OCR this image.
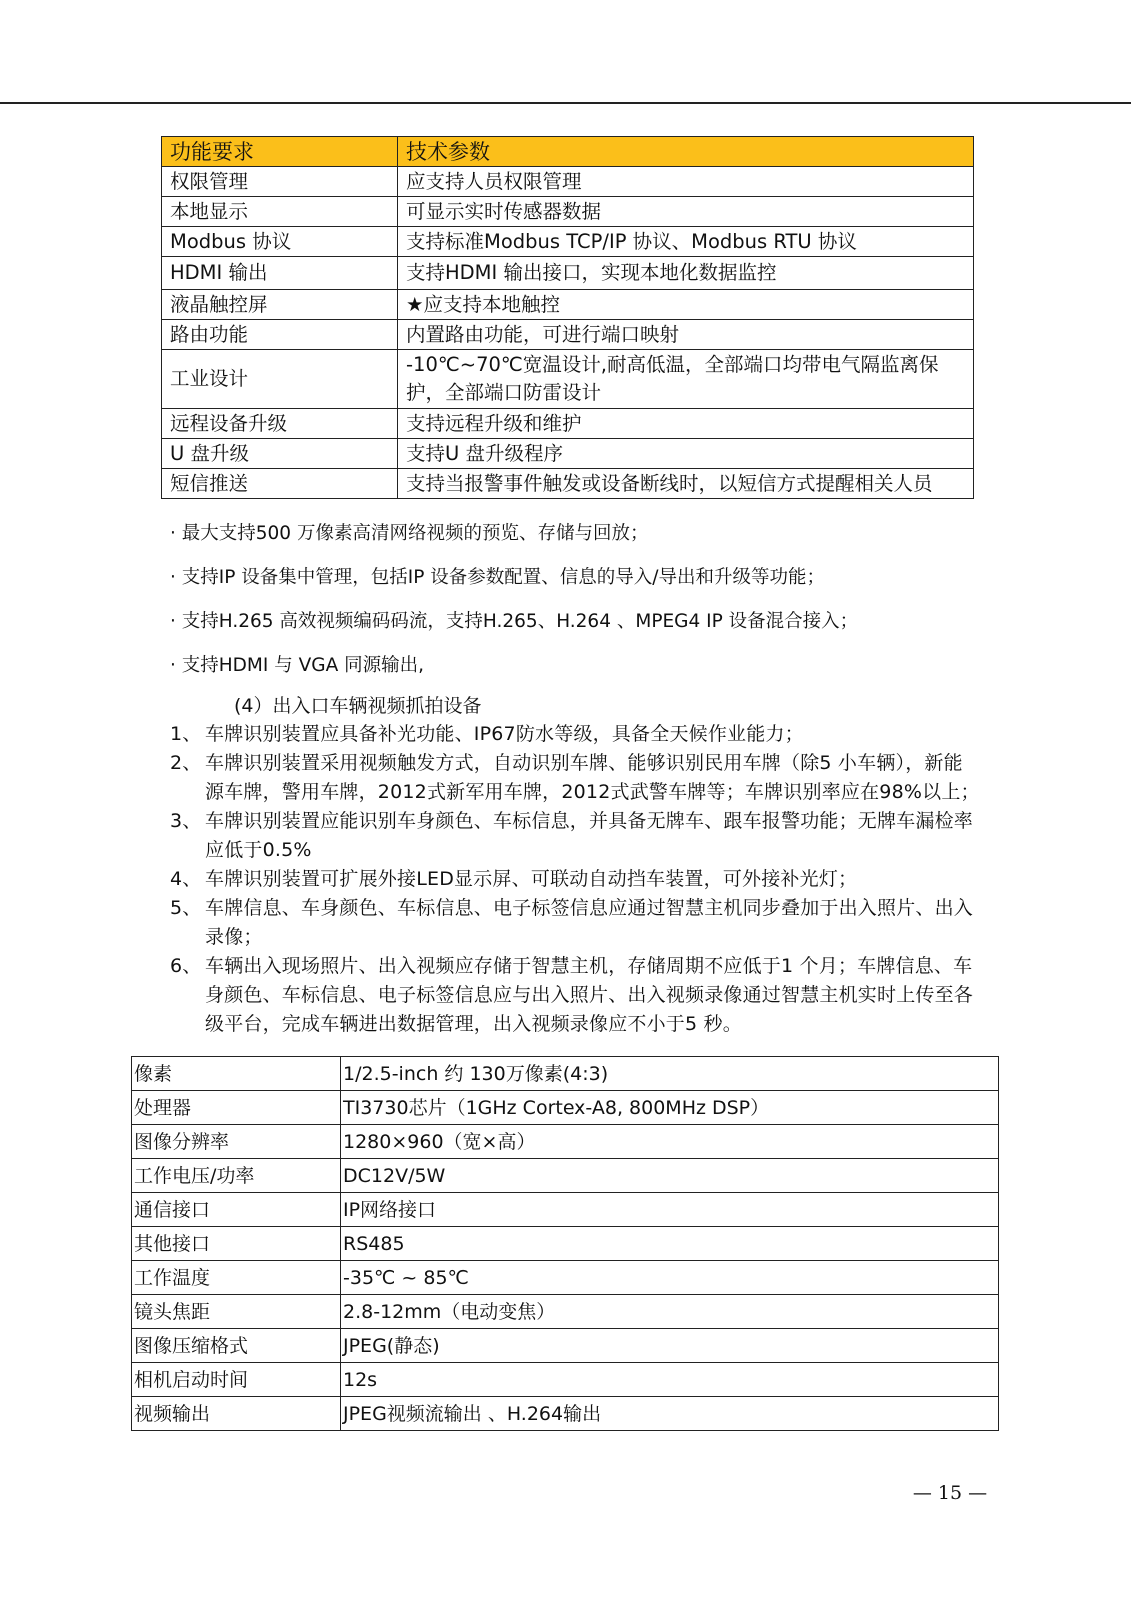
功能要求	技术参数
权限管理	应支持人员权限管理
本地显示	可显示实时传感器数据
Modbus 协议	支持标准Modbus TCP/IP 协议、Modbus RTU 协议
HDMI 输出	支持HDMI 输出接口，实现本地化数据监控
液晶触控屏	★应支持本地触控
路由功能	内置路由功能，可进行端口映射
工业设计	-10℃~70℃宽温设计,耐高低温，全部端口均带电气隔监离保护，全部端口防雷设计
远程设备升级	支持远程升级和维护
U 盘升级	支持U 盘升级程序
短信推送	支持当报警事件触发或设备断线时，以短信方式提醒相关人员
· 最大支持500 万像素高清网络视频的预览、存储与回放；
· 支持IP 设备集中管理，包括IP 设备参数配置、信息的导入/导出和升级等功能；
· 支持H.265 高效视频编码码流，支持H.265、H.264 、MPEG4 IP 设备混合接入；
· 支持HDMI 与 VGA 同源输出,
(4）出入口车辆视频抓拍设备
1、 车牌识别装置应具备补光功能、IP67防水等级，具备全天候作业能力；
2、 车牌识别装置采用视频触发方式，自动识别车牌、能够识别民用车牌（除5 小车辆），新能源车牌，警用车牌，2012式新军用车牌，2012式武警车牌等；车牌识别率应在98%以上；
3、 车牌识别装置应能识别车身颜色、车标信息，并具备无牌车、跟车报警功能；无牌车漏检率应低于0.5%
4、 车牌识别装置可扩展外接LED显示屏、可联动自动挡车装置，可外接补光灯；
5、 车牌信息、车身颜色、车标信息、电子标签信息应通过智慧主机同步叠加于出入照片、出入录像；
6、 车辆出入现场照片、出入视频应存储于智慧主机，存储周期不应低于1 个月；车牌信息、车身颜色、车标信息、电子标签信息应与出入照片、出入视频录像通过智慧主机实时上传至各级平台，完成车辆进出数据管理，出入视频录像应不小于5 秒。
像素	1/2.5-inch 约 130万像素(4:3)
处理器	TI3730芯片（1GHz Cortex-A8, 800MHz DSP）
图像分辨率	1280×960（宽×高）
工作电压/功率	DC12V/5W
通信接口	IP网络接口
其他接口	RS485
工作温度	-35℃ ~ 85℃
镜头焦距	2.8-12mm（电动变焦）
图像压缩格式	JPEG(静态)
相机启动时间	12s
视频输出	JPEG视频流输出 、H.264输出
— 15 —
